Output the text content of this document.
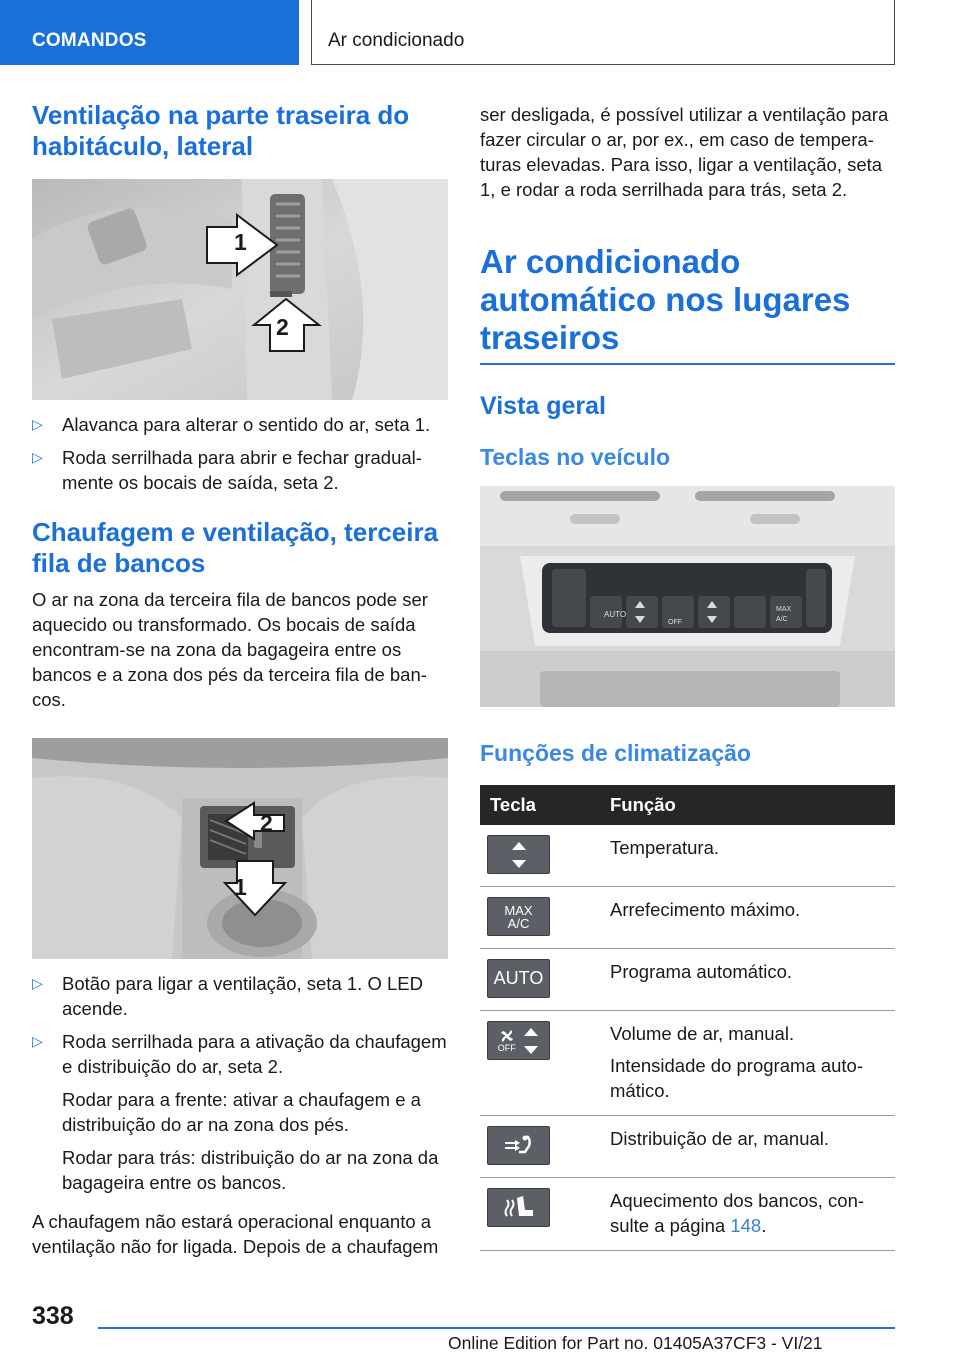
COMANDOS	Ar condicionado
Ventilação na parte traseira do habitáculo, lateral
1
2
▷ Alavanca para alterar o sentido do ar, seta 1.
▷ Roda serrilhada para abrir e fechar gradualmente os bocais de saída, seta 2.
Chaufagem e ventilação, terceira fila de bancos

O ar na zona da terceira fila de bancos pode ser aquecido ou transformado. Os bocais de saída encontram-se na zona da bagageira entre os bancos e a zona dos pés da terceira fila de bancos.

2
1
▷ Botão para ligar a ventilação, seta 1. O LED acende.
▷ Roda serrilhada para a ativação da chaufagem e distribuição do ar, seta 2.

Rodar para a frente: ativar a chaufagem e a distribuição do ar na zona dos pés.

Rodar para trás: distribuição do ar na zona da bagageira entre os bancos.

A chaufagem não estará operacional enquanto a ventilação não for ligada. Depois de a chaufagem

ser desligada, é possível utilizar a ventilação para fazer circular o ar, por ex., em caso de temperaturas elevadas. Para isso, ligar a ventilação, seta 1, e rodar a roda serrilhada para trás, seta 2.

Ar condicionado automático nos lugares traseiros
Vista geral
Teclas no veículo
AUTO
OFF
MAX
A/C
Funções de climatização
Tecla	Função

	Temperatura.

MAX
A/C	Arrefecimento máximo.

AUTO	Programa automático.

OFF	Volume de ar, manual.

Intensidade do programa automático.

	Distribuição de ar, manual.

	Aquecimento dos bancos, consulte a página 148.
338
Online Edition for Part no. 01405A37CF3 - VI/21
